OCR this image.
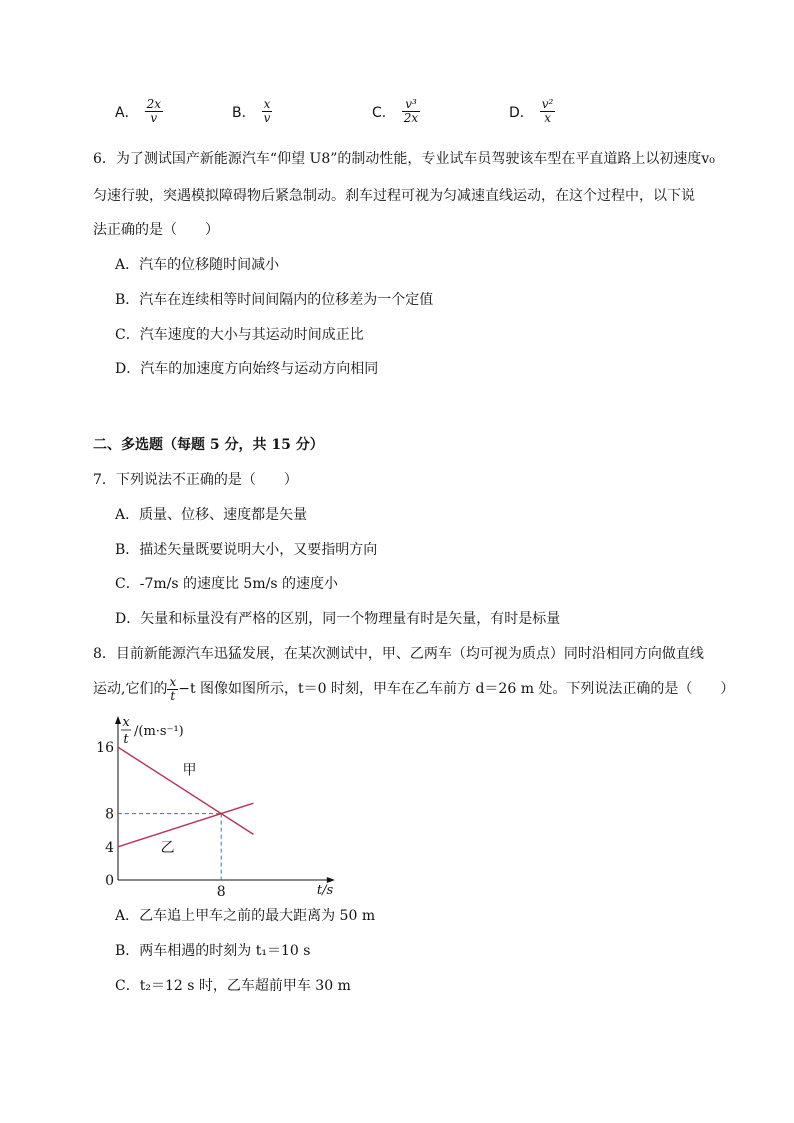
A． $\frac{2x}{v}$	B． $\frac{x}{v}$	C． $\frac{\text{v³}}{2x}$	D． $\frac{\text{v²}}{x}$
6．为了测试国产新能源汽车“仰望 U8”的制动性能，专业试车员驾驶该车型在平直道路上以初速度v₀
匀速行驶，突遇模拟障碍物后紧急制动。刹车过程可视为匀减速直线运动，在这个过程中，以下说
法正确的是（　　）
A．汽车的位移随时间减小
B．汽车在连续相等时间间隔内的位移差为一个定值
C．汽车速度的大小与其运动时间成正比
D．汽车的加速度方向始终与运动方向相同
二、多选题（每题 5 分，共 15 分）
7．下列说法不正确的是（　　）
A．质量、位移、速度都是矢量
B．描述矢量既要说明大小，又要指明方向
C．-7m/s 的速度比 5m/s 的速度小
D．矢量和标量没有严格的区别，同一个物理量有时是矢量，有时是标量
8．目前新能源汽车迅猛发展，在某次测试中，甲、乙两车（均可视为质点）同时沿相同方向做直线
运动,它们的 $\frac{x}{t} -t$ 图像如图所示，t＝0 时刻，甲车在乙车前方 d＝26 m 处。下列说法正确的是（　　）
甲
乙
16
8
4
0
8	t/s
x
t
/(m·s⁻¹)
A．乙车追上甲车之前的最大距离为 50 m
B．两车相遇的时刻为 t₁＝10 s
C．t₂＝12 s 时，乙车超前甲车 30 m
